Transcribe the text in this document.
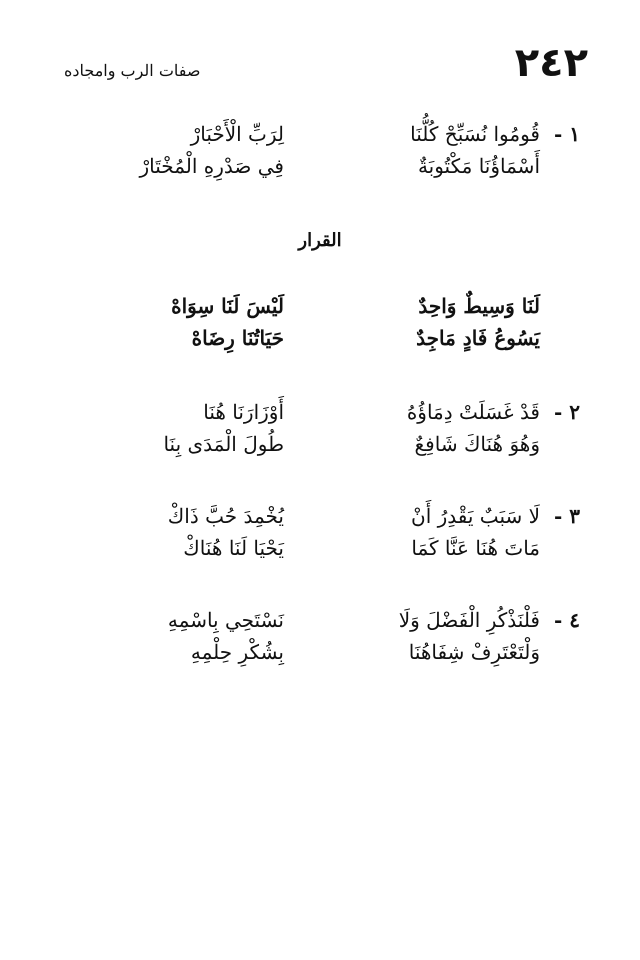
٢٤٢
صفات الرب وامجاده
١ -
قُومُوا نُسَبِّحْ كُلُّنَا
لِرَبِّ الْأَحْبَارْ
أَسْمَاؤُنَا مَكْتُوبَةٌ
فِي صَدْرِهِ الْمُخْتَارْ
القرار
لَنَا وَسِيطٌ وَاحِدٌ
لَيْسَ لَنَا سِوَاهْ
يَسُوعُ فَادٍ مَاجِدٌ
حَيَاتُنَا رِضَاهْ
٢ -
قَدْ غَسَلَتْ دِمَاؤُهُ
أَوْزَارَنَا هُنَا
وَهُوَ هُنَاكَ شَافِعٌ
طُولَ الْمَدَى بِنَا
٣ -
لَا سَبَبٌ يَقْدِرُ أَنْ
يُخْمِدَ حُبَّ ذَاكْ
مَاتَ هُنَا عَنَّا كَمَا
يَحْيَا لَنَا هُنَاكْ
٤ -
فَلْنَذْكُرِ الْفَضْلَ وَلَا
نَسْتَحِي بِاسْمِهِ
وَلْتَعْتَرِفْ شِفَاهُنَا
بِشُكْرِ حِلْمِهِ
